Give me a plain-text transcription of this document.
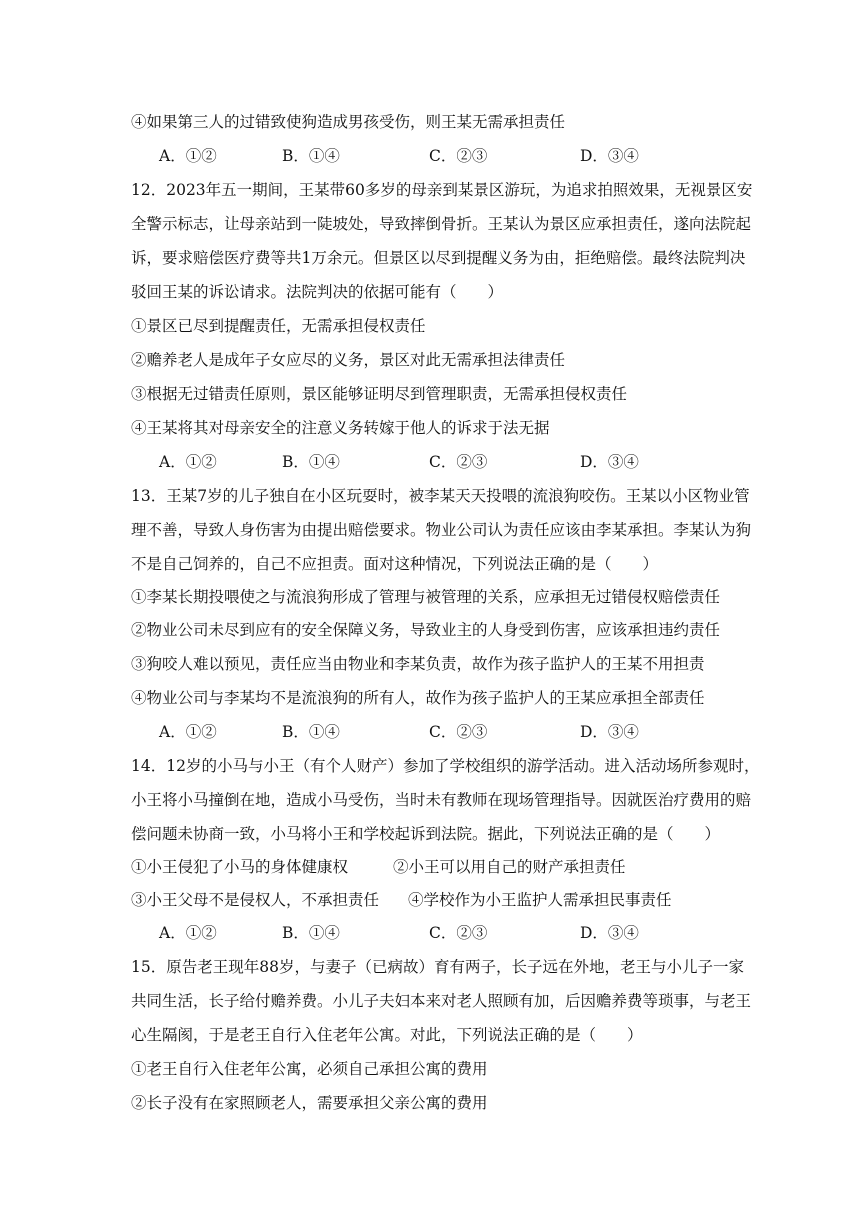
④如果第三人的过错致使狗造成男孩受伤，则王某无需承担责任
A．①②	B．①④	C．②③	D．③④
12．2023年五一期间，王某带60多岁的母亲到某景区游玩，为追求拍照效果，无视景区安
全警示标志，让母亲站到一陡坡处，导致摔倒骨折。王某认为景区应承担责任，遂向法院起
诉，要求赔偿医疗费等共1万余元。但景区以尽到提醒义务为由，拒绝赔偿。最终法院判决
驳回王某的诉讼请求。法院判决的依据可能有（　　）
①景区已尽到提醒责任，无需承担侵权责任
②赡养老人是成年子女应尽的义务，景区对此无需承担法律责任
③根据无过错责任原则，景区能够证明尽到管理职责，无需承担侵权责任
④王某将其对母亲安全的注意义务转嫁于他人的诉求于法无据
A．①②	B．①④	C．②③	D．③④
13．王某7岁的儿子独自在小区玩耍时，被李某天天投喂的流浪狗咬伤。王某以小区物业管
理不善，导致人身伤害为由提出赔偿要求。物业公司认为责任应该由李某承担。李某认为狗
不是自己饲养的，自己不应担责。面对这种情况，下列说法正确的是（　　）
①李某长期投喂使之与流浪狗形成了管理与被管理的关系，应承担无过错侵权赔偿责任
②物业公司未尽到应有的安全保障义务，导致业主的人身受到伤害，应该承担违约责任
③狗咬人难以预见，责任应当由物业和李某负责，故作为孩子监护人的王某不用担责
④物业公司与李某均不是流浪狗的所有人，故作为孩子监护人的王某应承担全部责任
A．①②	B．①④	C．②③	D．③④
14．12岁的小马与小王（有个人财产）参加了学校组织的游学活动。进入活动场所参观时，
小王将小马撞倒在地，造成小马受伤，当时未有教师在现场管理指导。因就医治疗费用的赔
偿问题未协商一致，小马将小王和学校起诉到法院。据此，下列说法正确的是（　　）
①小王侵犯了小马的身体健康权	②小王可以用自己的财产承担责任
③小王父母不是侵权人，不承担责任 ④学校作为小王监护人需承担民事责任
A．①②	B．①④	C．②③	D．③④
15．原告老王现年88岁，与妻子（已病故）育有两子，长子远在外地，老王与小儿子一家
共同生活，长子给付赡养费。小儿子夫妇本来对老人照顾有加，后因赡养费等琐事，与老王
心生隔阂，于是老王自行入住老年公寓。对此，下列说法正确的是（　　）
①老王自行入住老年公寓，必须自己承担公寓的费用
②长子没有在家照顾老人，需要承担父亲公寓的费用
